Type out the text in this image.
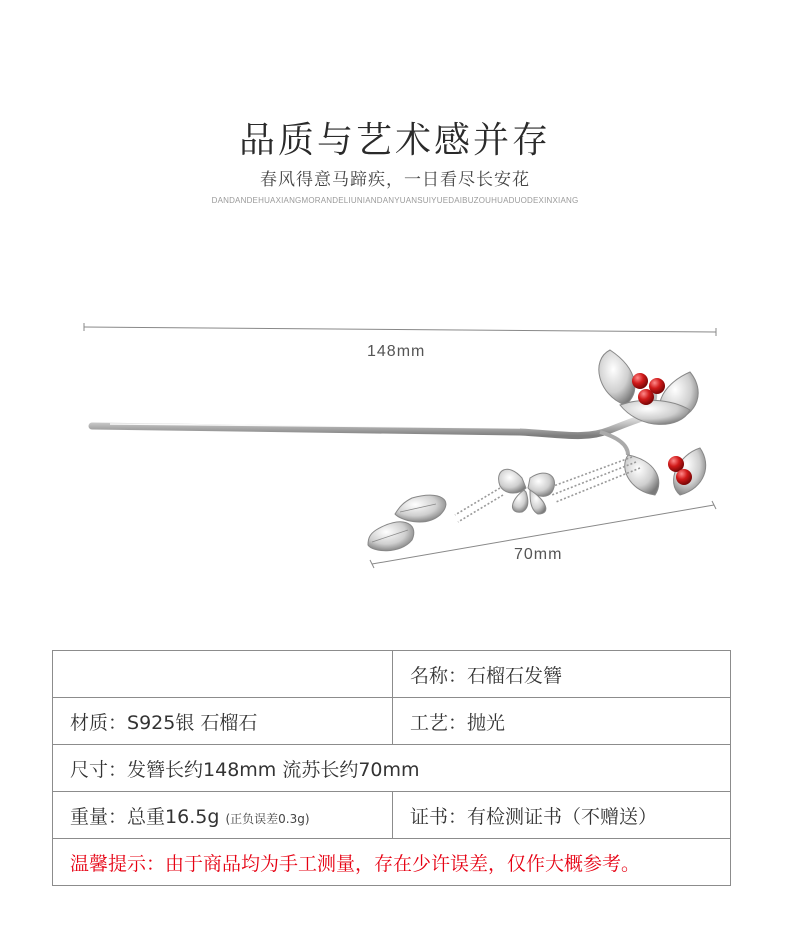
品质与艺术感并存
春风得意马蹄疾，一日看尽长安花
DANDANDEHUAXIANGMORANDELIUNIANDANYUANSUIYUEDAIBUZOUHUADUODEXINXIANG
148mm
70mm
	名称：石榴石发簪
材质：S925银 石榴石	工艺：抛光
尺寸：发簪长约148mm 流苏长约70mm	
重量：总重16.5g (正负误差0.3g)	证书：有检测证书（不赠送）
温馨提示：由于商品均为手工测量，存在少许误差，仅作大概参考。	
